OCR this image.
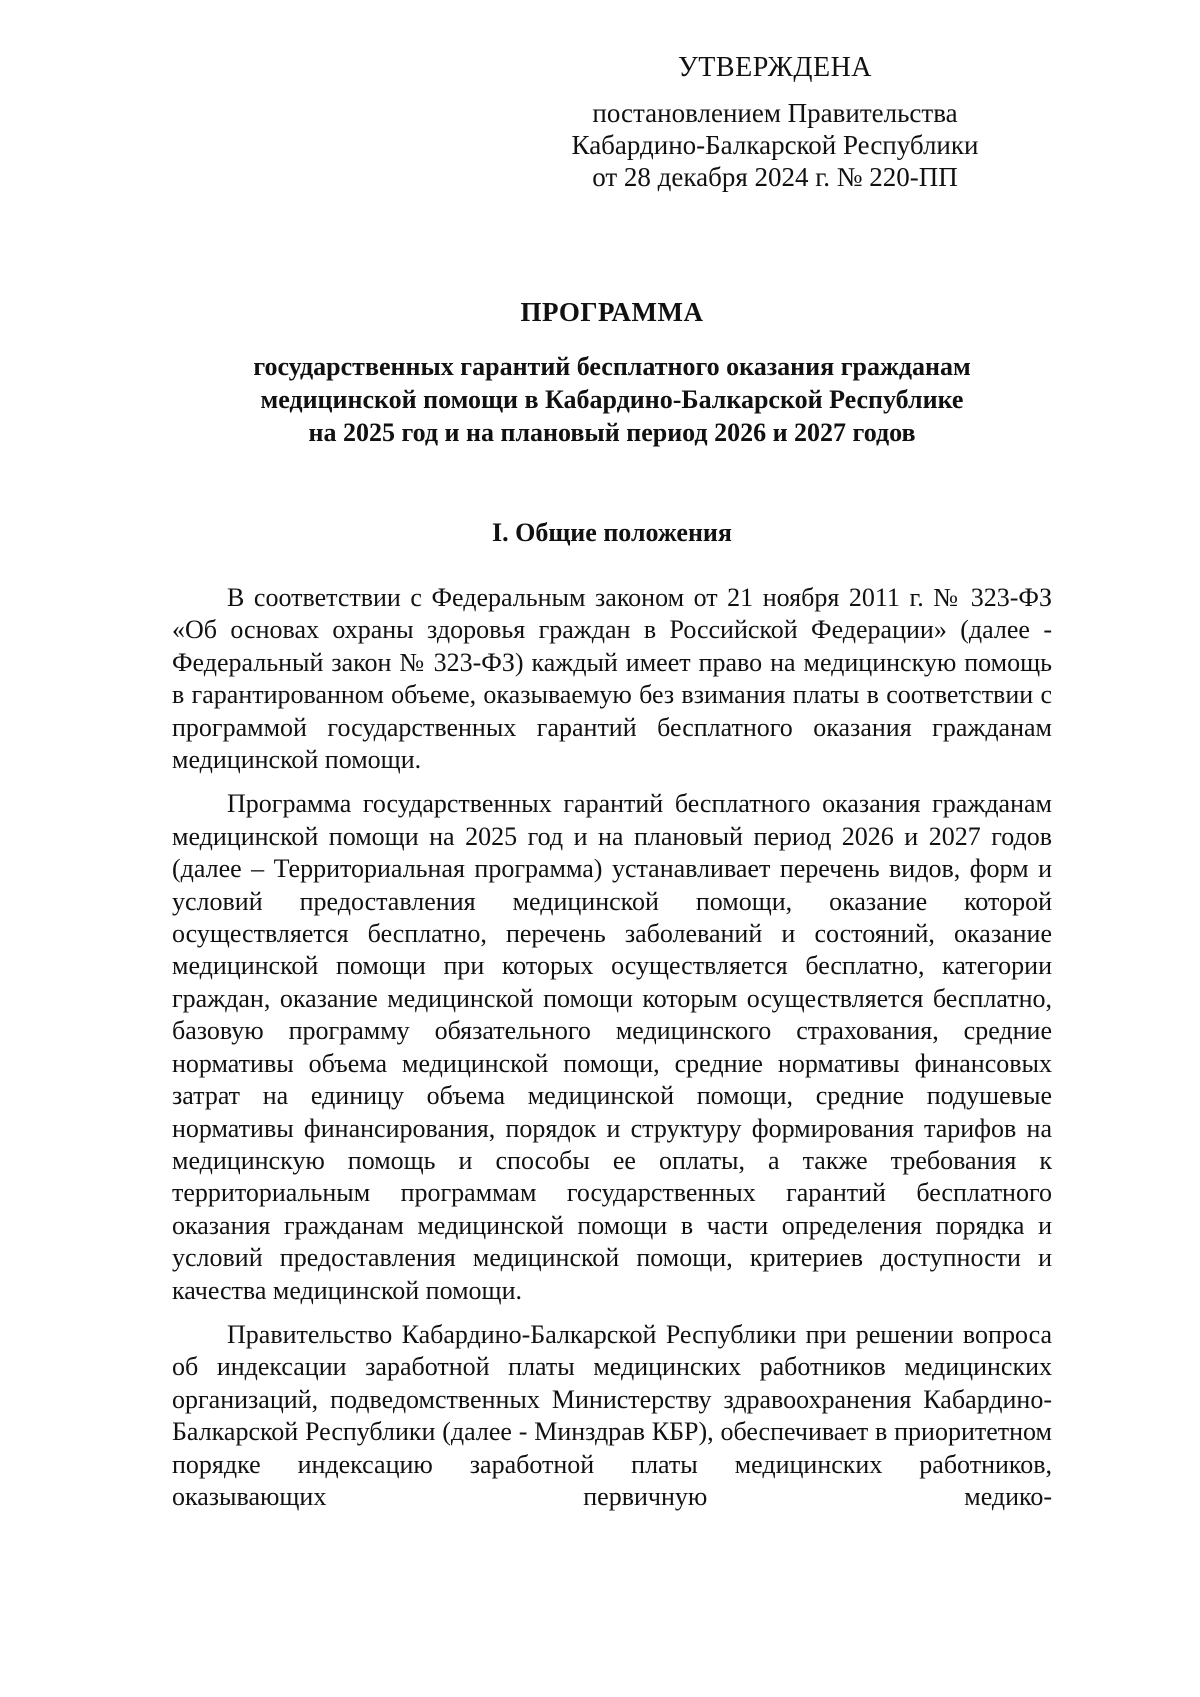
УТВЕРЖДЕНА
постановлением Правительства
Кабардино-Балкарской Республики
от 28 декабря 2024 г. № 220-ПП
ПРОГРАММА
государственных гарантий бесплатного оказания гражданам
медицинской помощи в Кабардино-Балкарской Республике
на 2025 год и на плановый период 2026 и 2027 годов
I. Общие положения

В соответствии с Федеральным законом от 21 ноября 2011 г. № 323-ФЗ «Об основах охраны здоровья граждан в Российской Федерации» (далее - Федеральный закон № 323-ФЗ) каждый имеет право на медицинскую помощь в гарантированном объеме, оказываемую без взимания платы в соответствии с программой государственных гарантий бесплатного оказания гражданам медицинской помощи.

Программа государственных гарантий бесплатного оказания гражданам медицинской помощи на 2025 год и на плановый период 2026 и 2027 годов (далее – Территориальная программа) устанавливает перечень видов, форм и условий предоставления медицинской помощи, оказание которой осуществляется бесплатно, перечень заболеваний и состояний, оказание медицинской помощи при которых осуществляется бесплатно, категории граждан, оказание медицинской помощи которым осуществляется бесплатно, базовую программу обязательного медицинского страхования, средние нормативы объема медицинской помощи, средние нормативы финансовых затрат на единицу объема медицинской помощи, средние подушевые нормативы финансирования, порядок и структуру формирования тарифов на медицинскую помощь и способы ее оплаты, а также требования к территориальным программам государственных гарантий бесплатного оказания гражданам медицинской помощи в части определения порядка и условий предоставления медицинской помощи, критериев доступности и качества медицинской помощи.

Правительство Кабардино-Балкарской Республики при решении вопроса об индексации заработной платы медицинских работников медицинских организаций, подведомственных Министерству здравоохранения Кабардино-Балкарской Республики (далее - Минздрав КБР), обеспечивает в приоритетном порядке индексацию заработной платы медицинских работников, оказывающих первичную медико-
